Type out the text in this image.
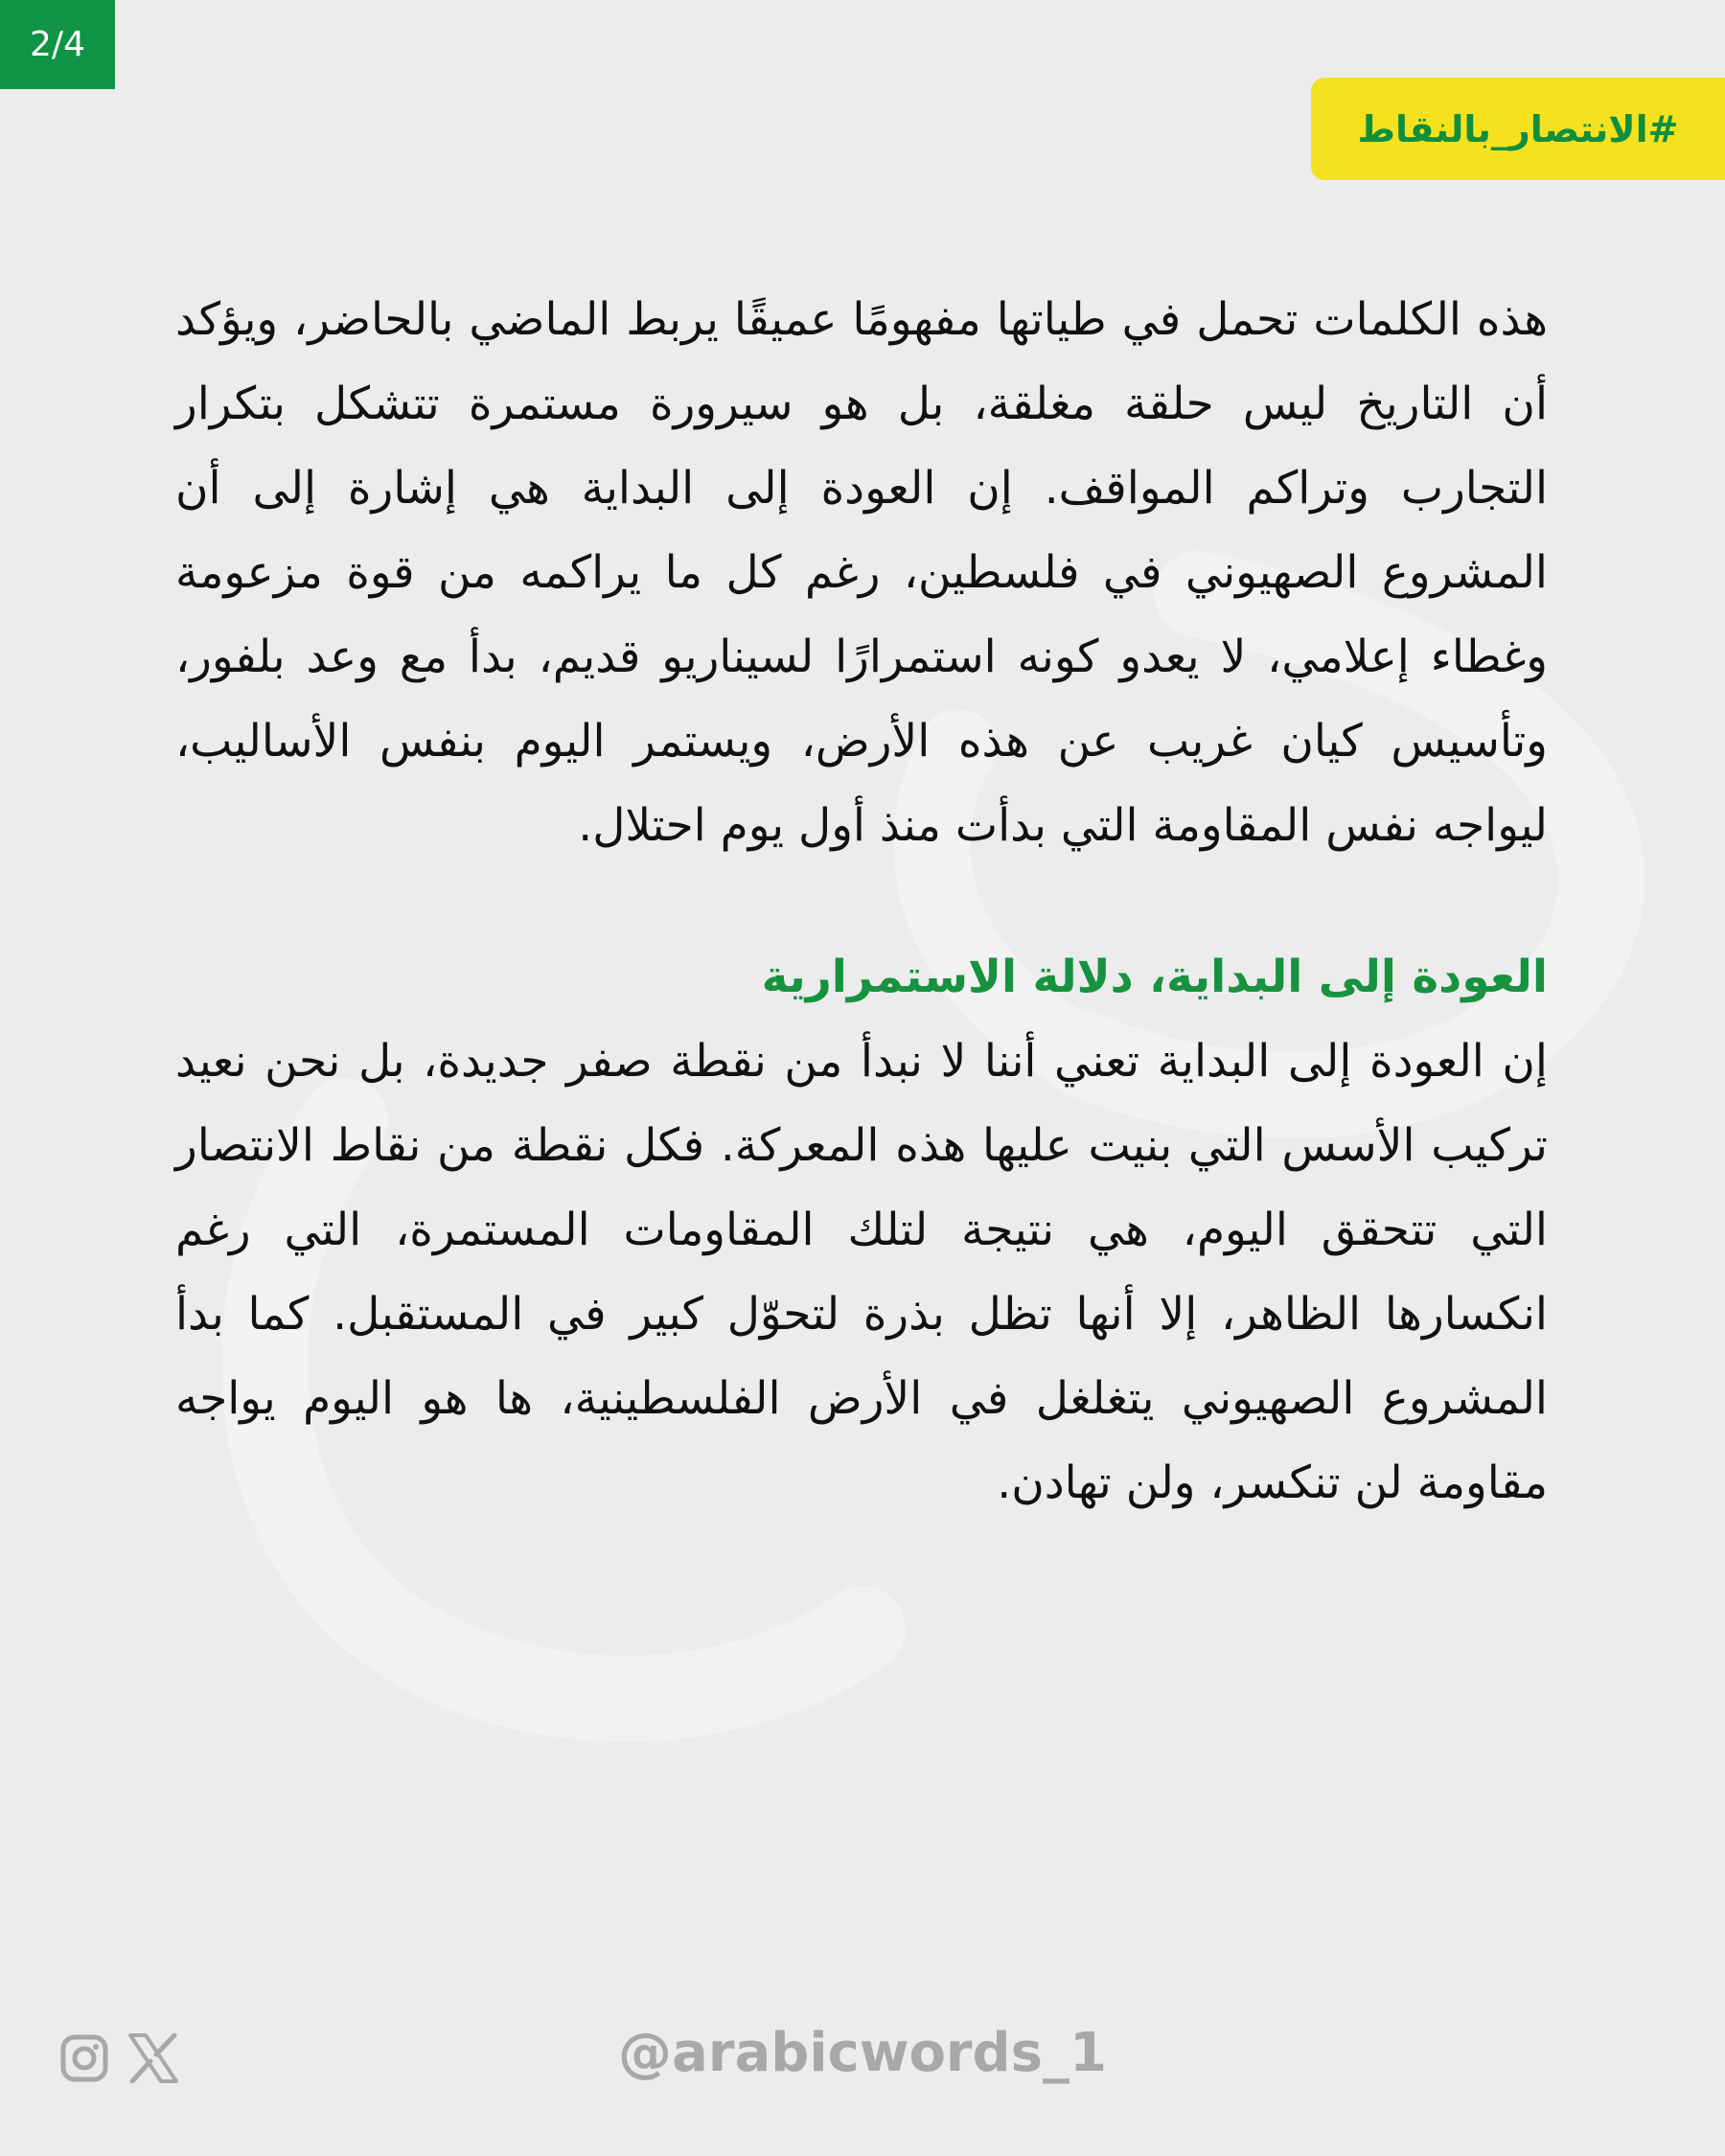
2/4
#الانتصار_بالنقاط

هذه الكلمات تحمل في طياتها مفهومًا عميقًا يربط الماضي بالحاضر، ويؤكد أن التاريخ ليس حلقة مغلقة، بل هو سيرورة مستمرة تتشكل بتكرار التجارب وتراكم المواقف. إن العودة إلى البداية هي إشارة إلى أن المشروع الصهيوني في فلسطين، رغم كل ما يراكمه من قوة مزعومة وغطاء إعلامي، لا يعدو كونه استمرارًا لسيناريو قديم، بدأ مع وعد بلفور، وتأسيس كيان غريب عن هذه الأرض، ويستمر اليوم بنفس الأساليب، ليواجه نفس المقاومة التي بدأت منذ أول يوم احتلال.

العودة إلى البداية، دلالة الاستمرارية

إن العودة إلى البداية تعني أننا لا نبدأ من نقطة صفر جديدة، بل نحن نعيد تركيب الأسس التي بنيت عليها هذه المعركة. فكل نقطة من نقاط الانتصار التي تتحقق اليوم، هي نتيجة لتلك المقاومات المستمرة، التي رغم انكسارها الظاهر، إلا أنها تظل بذرة لتحوّل كبير في المستقبل. كما بدأ المشروع الصهيوني يتغلغل في الأرض الفلسطينية، ها هو اليوم يواجه مقاومة لن تنكسر، ولن تهادن.

@arabicwords_1
